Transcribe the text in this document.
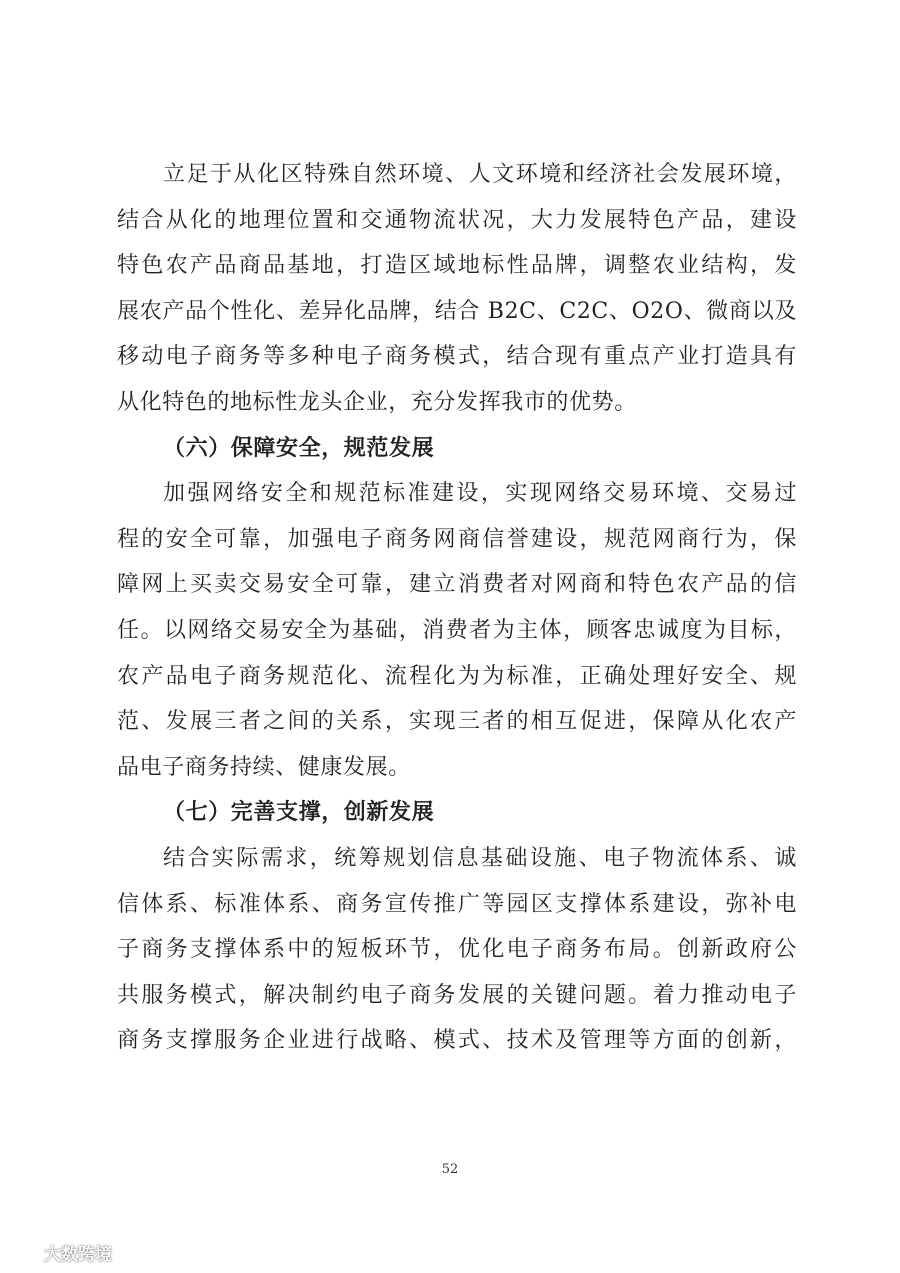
立足于从化区特殊自然环境、人文环境和经济社会发展环境，
结合从化的地理位置和交通物流状况，大力发展特色产品，建设
特色农产品商品基地，打造区域地标性品牌，调整农业结构，发
展农产品个性化、差异化品牌，结合 B2C、C2C、O2O、微商以及
移动电子商务等多种电子商务模式，结合现有重点产业打造具有
从化特色的地标性龙头企业，充分发挥我市的优势。
（六）保障安全，规范发展
加强网络安全和规范标准建设，实现网络交易环境、交易过
程的安全可靠，加强电子商务网商信誉建设，规范网商行为，保
障网上买卖交易安全可靠，建立消费者对网商和特色农产品的信
任。以网络交易安全为基础，消费者为主体，顾客忠诚度为目标，
农产品电子商务规范化、流程化为为标准，正确处理好安全、规
范、发展三者之间的关系，实现三者的相互促进，保障从化农产
品电子商务持续、健康发展。
（七）完善支撑，创新发展
结合实际需求，统筹规划信息基础设施、电子物流体系、诚
信体系、标准体系、商务宣传推广等园区支撑体系建设，弥补电
子商务支撑体系中的短板环节，优化电子商务布局。创新政府公
共服务模式，解决制约电子商务发展的关键问题。着力推动电子
商务支撑服务企业进行战略、模式、技术及管理等方面的创新，
52
大数跨境
